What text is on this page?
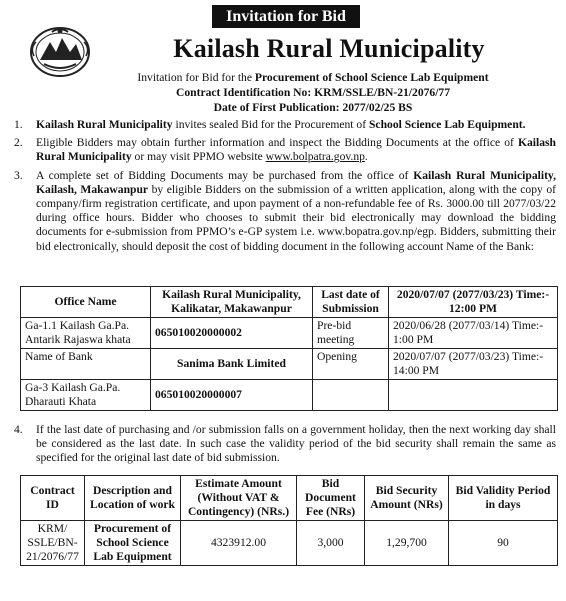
Invitation for Bid
Kailash Rural Municipality
Invitation for Bid for the Procurement of School Science Lab Equipment
Contract Identification No: KRM/SSLE/BN-21/2076/77
Date of First Publication: 2077/02/25 BS
1.	Kailash Rural Municipality invites sealed Bid for the Procurement of School Science Lab Equipment.
2.	Eligible Bidders may obtain further information and inspect the Bidding Documents at the office of Kailash Rural Municipality or may visit PPMO website www.bolpatra.gov.np.
3.	A complete set of Bidding Documents may be purchased from the office of Kailash Rural Municipality, Kailash, Makawanpur by eligible Bidders on the submission of a written application, along with the copy of company/firm registration certificate, and upon payment of a non-refundable fee of Rs. 3000.00 till 2077/03/22 during office hours. Bidder who chooses to submit their bid electronically may download the bidding documents for e-submission from PPMO’s e-GP system i.e. www.bopatra.gov.np/egp. Bidders, submitting their bid electronically, should deposit the cost of bidding document in the following account Name of the Bank:
Office Name	Kailash Rural Municipality, Kalikatar, Makawanpur	Last date of Submission	2020/07/07 (2077/03/23) Time:- 12:00 PM
Ga-1.1 Kailash Ga.Pa. Antarik Rajaswa khata	065010020000002	Pre-bid meeting	2020/06/28 (2077/03/14) Time:- 1:00 PM
Name of Bank	Sanima Bank Limited	Opening	2020/07/07 (2077/03/23) Time:- 14:00 PM
Ga-3 Kailash Ga.Pa. Dharauti Khata	065010020000007		
4.	If the last date of purchasing and /or submission falls on a government holiday, then the next working day shall be considered as the last date. In such case the validity period of the bid security shall remain the same as specified for the original last date of bid submission.
Contract ID	Description and Location of work	Estimate Amount (Without VAT & Contingency) (NRs.)	Bid Document Fee (NRs)	Bid Security Amount (NRs)	Bid Validity Period in days
KRM/ SSLE/BN- 21/2076/77	Procurement of School Science Lab Equipment	4323912.00	3,000	1,29,700	90
